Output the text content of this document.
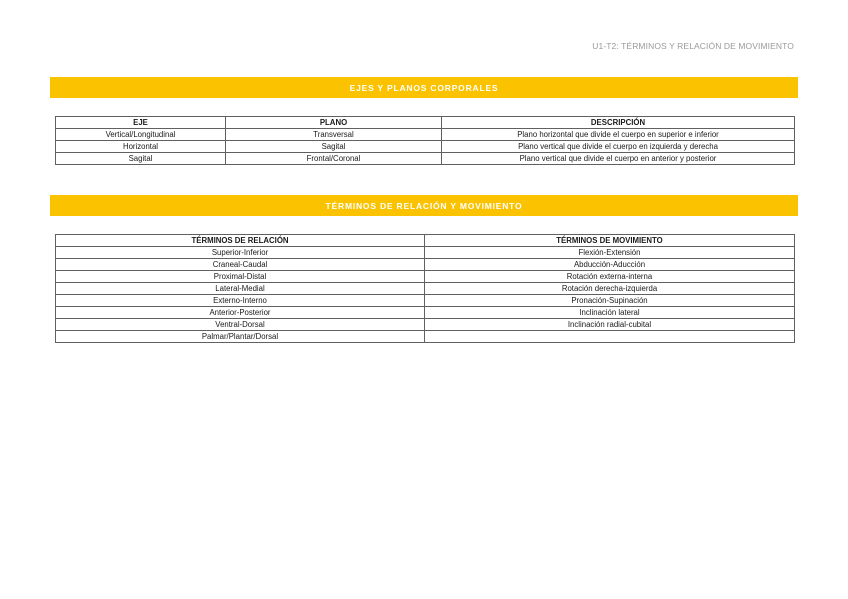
U1-T2: TÉRMINOS Y RELACIÓN DE MOVIMIENTO
EJES Y PLANOS CORPORALES
EJE	PLANO	DESCRIPCIÓN
Vertical/Longitudinal	Transversal	Plano horizontal que divide el cuerpo en superior e inferior
Horizontal	Sagital	Plano vertical que divide el cuerpo en izquierda y derecha
Sagital	Frontal/Coronal	Plano vertical que divide el cuerpo en anterior y posterior
TÉRMINOS DE RELACIÓN Y MOVIMIENTO
TÉRMINOS DE RELACIÓN	TÉRMINOS DE MOVIMIENTO
Superior-Inferior	Flexión-Extensión
Craneal-Caudal	Abducción-Aducción
Proximal-Distal	Rotación externa-interna
Lateral-Medial	Rotación derecha-izquierda
Externo-Interno	Pronación-Supinación
Anterior-Posterior	Inclinación lateral
Ventral-Dorsal	Inclinación radial-cubital
Palmar/Plantar/Dorsal	
